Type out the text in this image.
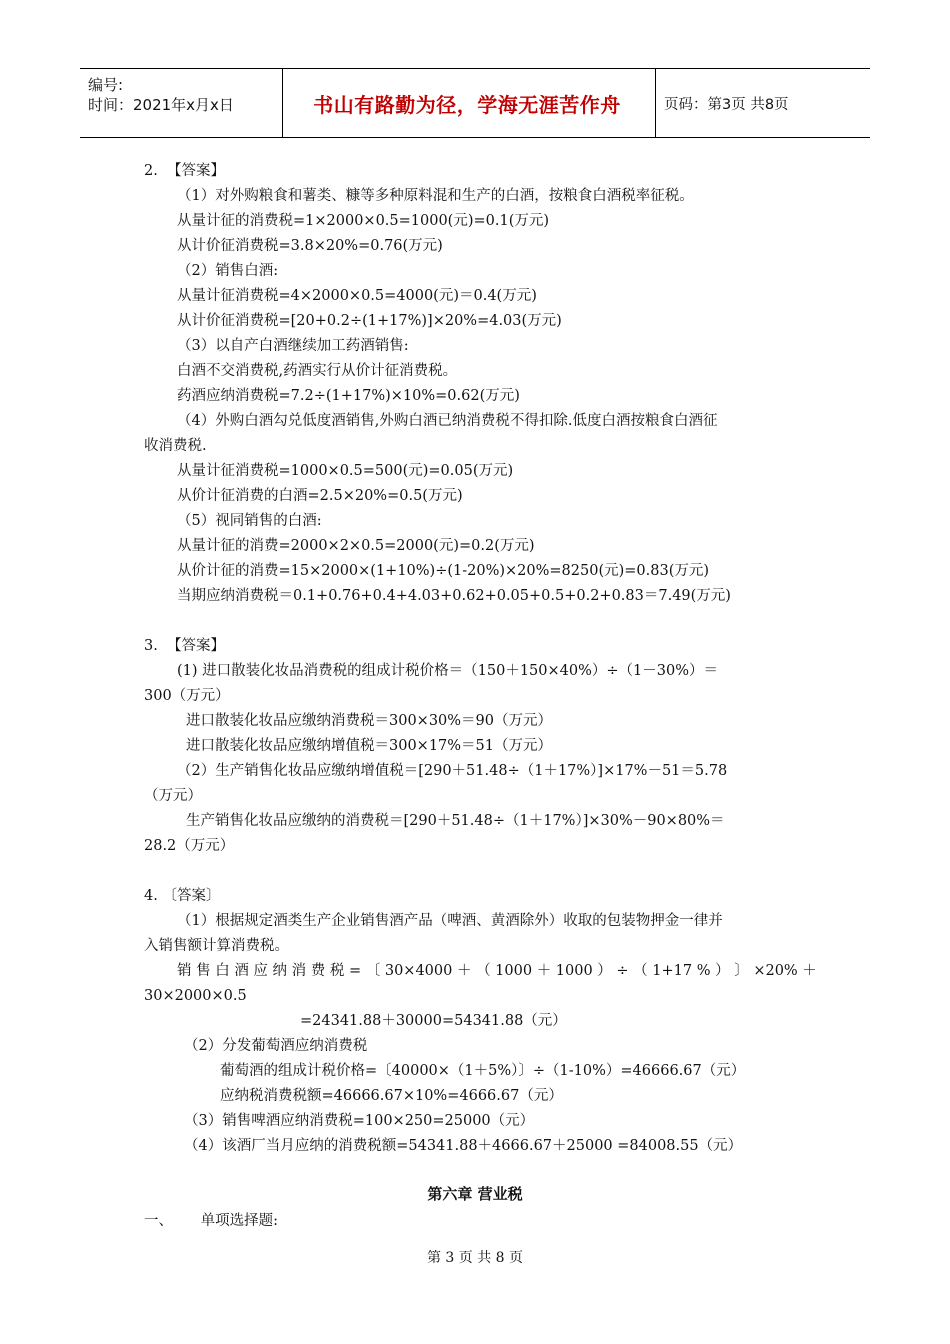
编号:
时间：2021年x月x日	书山有路勤为径，学海无涯苦作舟	页码：第3页 共8页
2.  【答案】
（1）对外购粮食和薯类、糠等多种原料混和生产的白酒，按粮食白酒税率征税。
从量计征的消费税=1×2000×0.5=1000(元)=0.1(万元)
从计价征消费税=3.8×20%=0.76(万元)
（2）销售白酒:
从量计征消费税=4×2000×0.5=4000(元)＝0.4(万元)
从计价征消费税=[20+0.2÷(1+17%)]×20%=4.03(万元)
（3）以自产白酒继续加工药酒销售:
白酒不交消费税,药酒实行从价计征消费税。
药酒应纳消费税=7.2÷(1+17%)×10%=0.62(万元)
（4）外购白酒勾兑低度酒销售,外购白酒已纳消费税不得扣除.低度白酒按粮食白酒征
收消费税.
从量计征消费税=1000×0.5=500(元)=0.05(万元)
从价计征消费的白酒=2.5×20%=0.5(万元)
（5）视同销售的白酒:
从量计征的消费=2000×2×0.5=2000(元)=0.2(万元)
从价计征的消费=15×2000×(1+10%)÷(1-20%)×20%=8250(元)=0.83(万元)
当期应纳消费税＝0.1+0.76+0.4+4.03+0.62+0.05+0.5+0.2+0.83＝7.49(万元)
3.  【答案】
(1) 进口散装化妆品消费税的组成计税价格＝（150＋150×40%）÷（1－30%）＝
300（万元）
进口散装化妆品应缴纳消费税＝300×30%＝90（万元）
进口散装化妆品应缴纳增值税＝300×17%＝51（万元）
（2）生产销售化妆品应缴纳增值税＝[290＋51.48÷（1＋17%）]×17%－51＝5.78
（万元）
生产销售化妆品应缴纳的消费税＝[290＋51.48÷（1＋17%）]×30%－90×80%＝
28.2（万元）
4. 〔答案〕
（1）根据规定酒类生产企业销售酒产品（啤酒、黄酒除外）收取的包装物押金一律并
入销售额计算消费税。
销 售 白 酒 应 纳 消 费 税 = 〔 30×4000 ＋ （ 1000 ＋ 1000 ） ÷ （ 1+17 % ） 〕 ×20% ＋
30×2000×0.5
=24341.88＋30000=54341.88（元）
（2）分发葡萄酒应纳消费税
葡萄酒的组成计税价格=〔40000×（1＋5%）〕÷（1-10%）=46666.67（元）
应纳税消费税额=46666.67×10%=4666.67（元）
（3）销售啤酒应纳消费税=100×250=25000（元）
（4）该酒厂当月应纳的消费税额=54341.88＋4666.67＋25000 =84008.55（元）
第六章 营业税
一、      单项选择题:
第 3 页 共 8 页
